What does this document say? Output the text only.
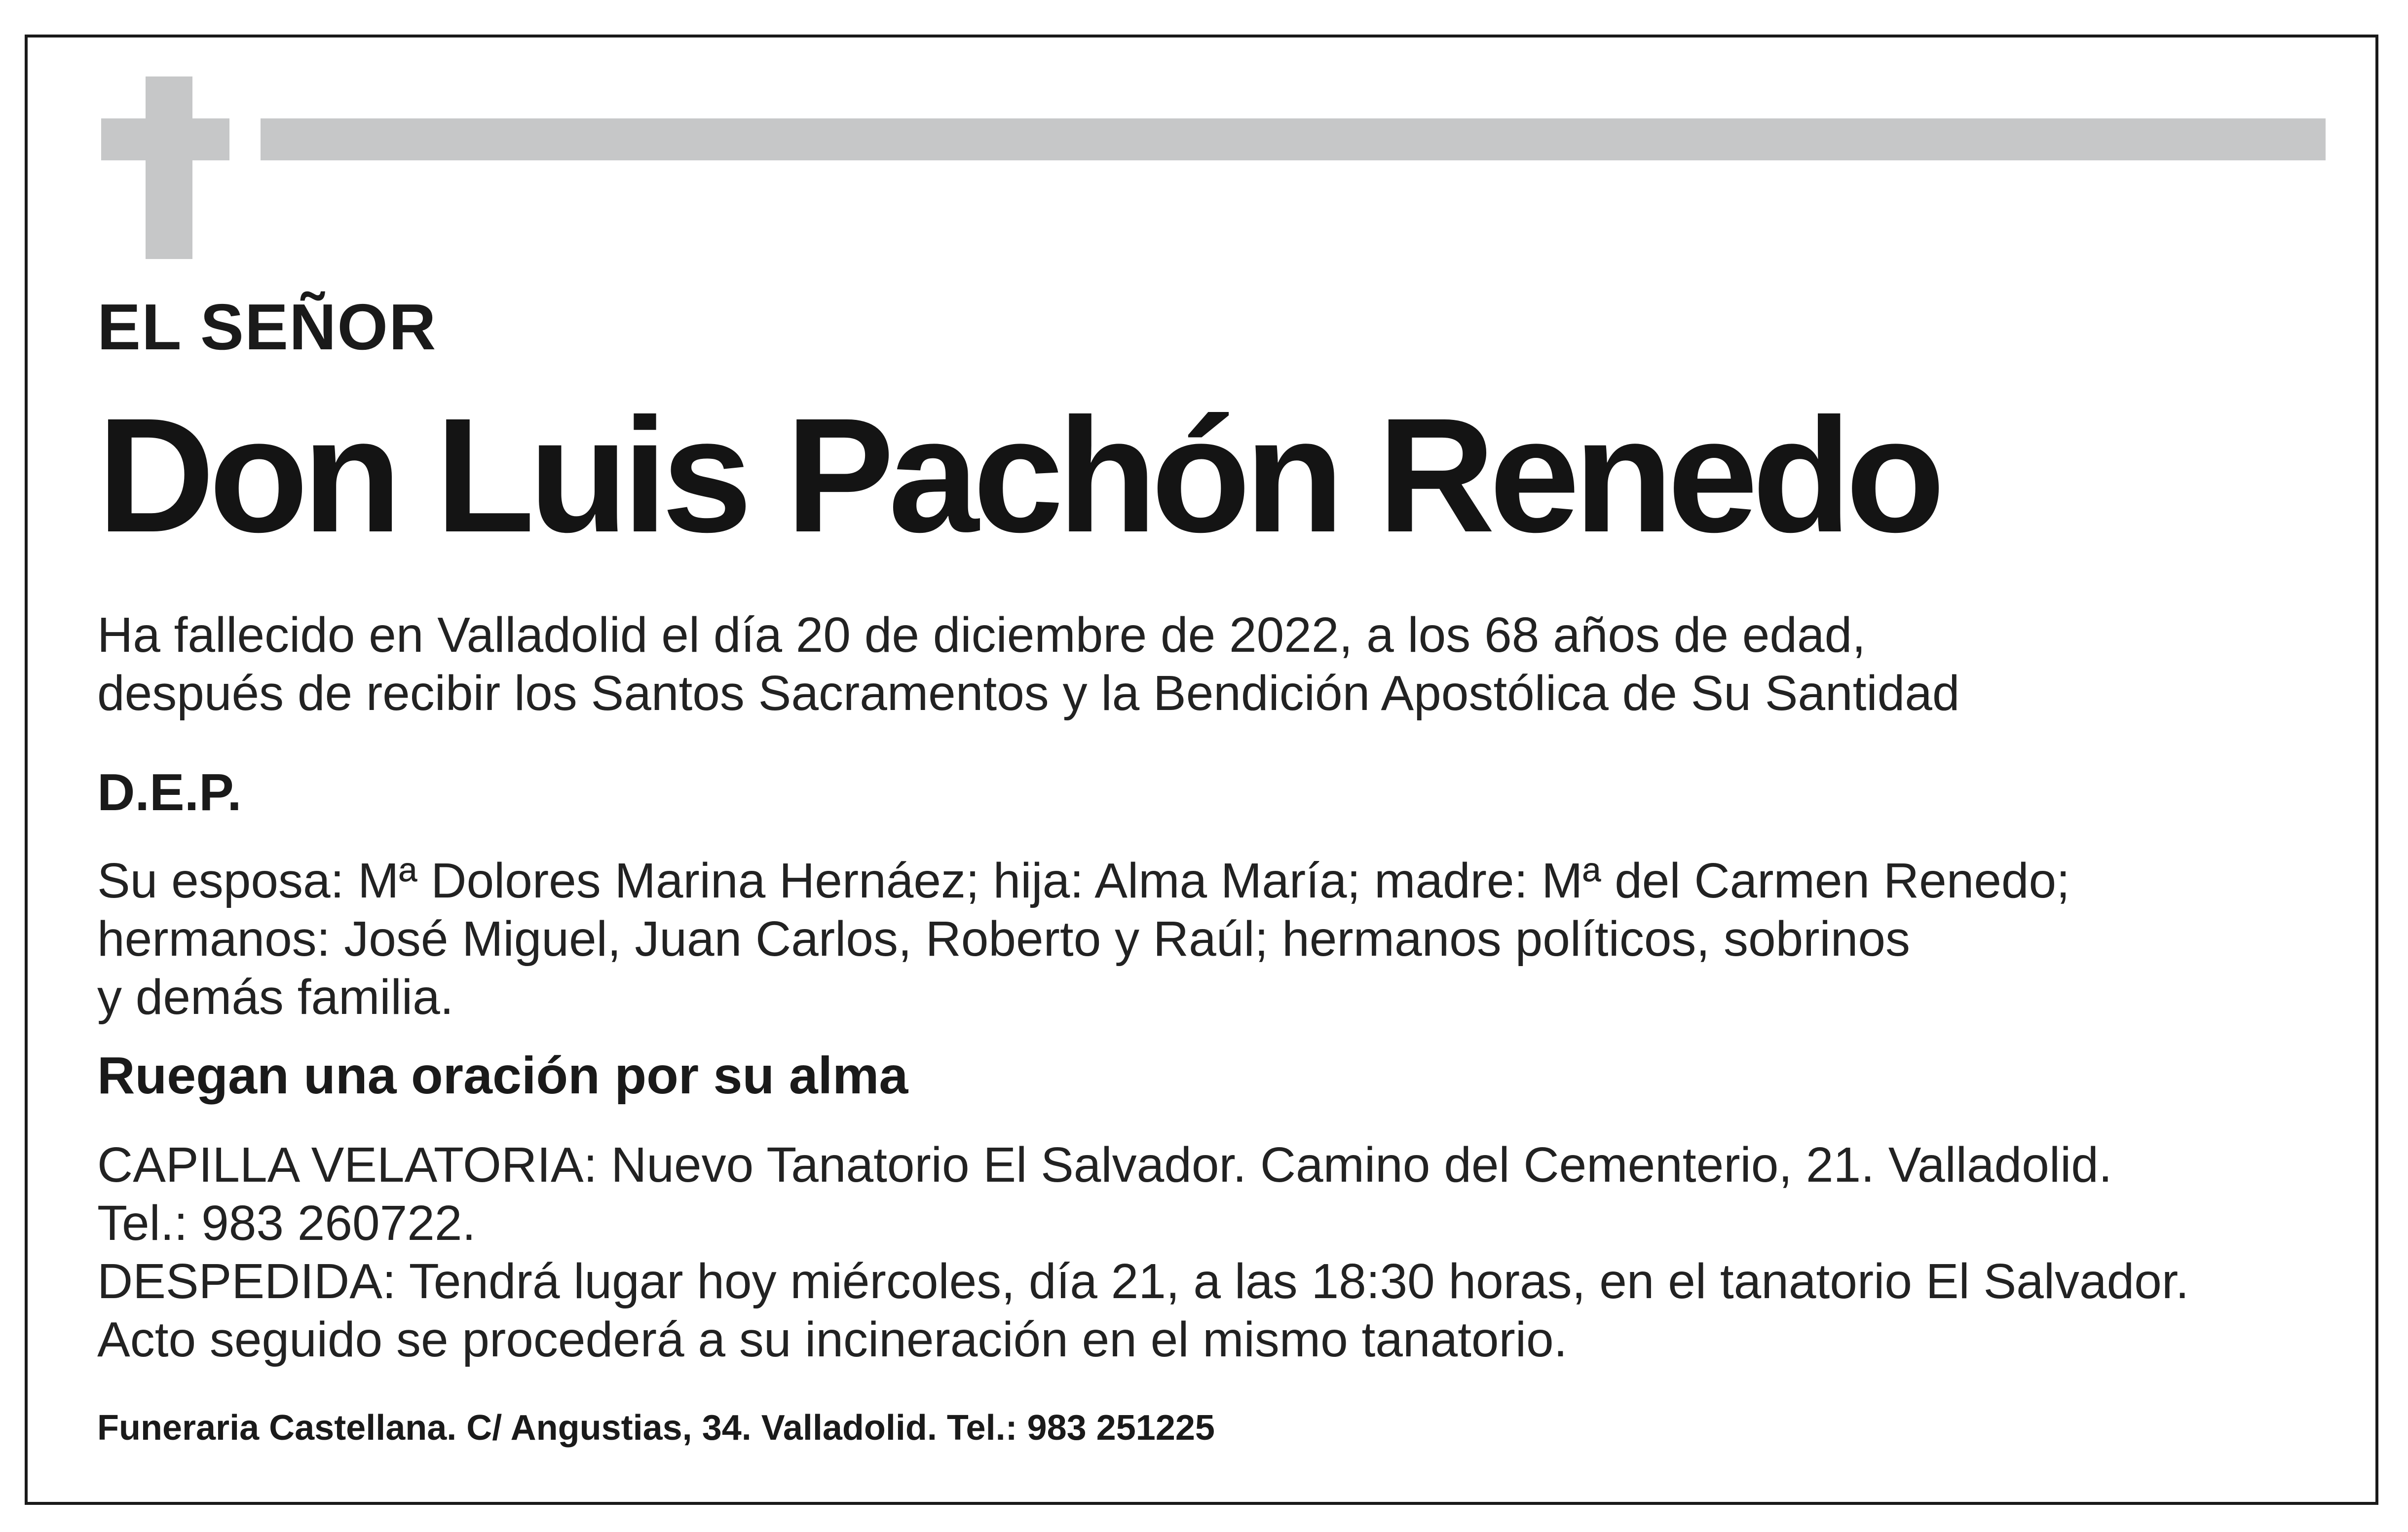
EL SEÑOR

Don Luis Pachón Renedo

Ha fallecido en Valladolid el día 20 de diciembre de 2022, a los 68 años de edad,
después de recibir los Santos Sacramentos y la Bendición Apostólica de Su Santidad

D.E.P.

Su esposa: Mª Dolores Marina Hernáez; hija: Alma María; madre: Mª del Carmen Renedo;
hermanos: José Miguel, Juan Carlos, Roberto y Raúl; hermanos políticos, sobrinos
y demás familia.

Ruegan una oración por su alma

CAPILLA VELATORIA: Nuevo Tanatorio El Salvador. Camino del Cementerio, 21. Valladolid.
Tel.: 983 260722.
DESPEDIDA: Tendrá lugar hoy miércoles, día 21, a las 18:30 horas, en el tanatorio El Salvador.
Acto seguido se procederá a su incineración en el mismo tanatorio.

Funeraria Castellana. C/ Angustias, 34. Valladolid. Tel.: 983 251225
